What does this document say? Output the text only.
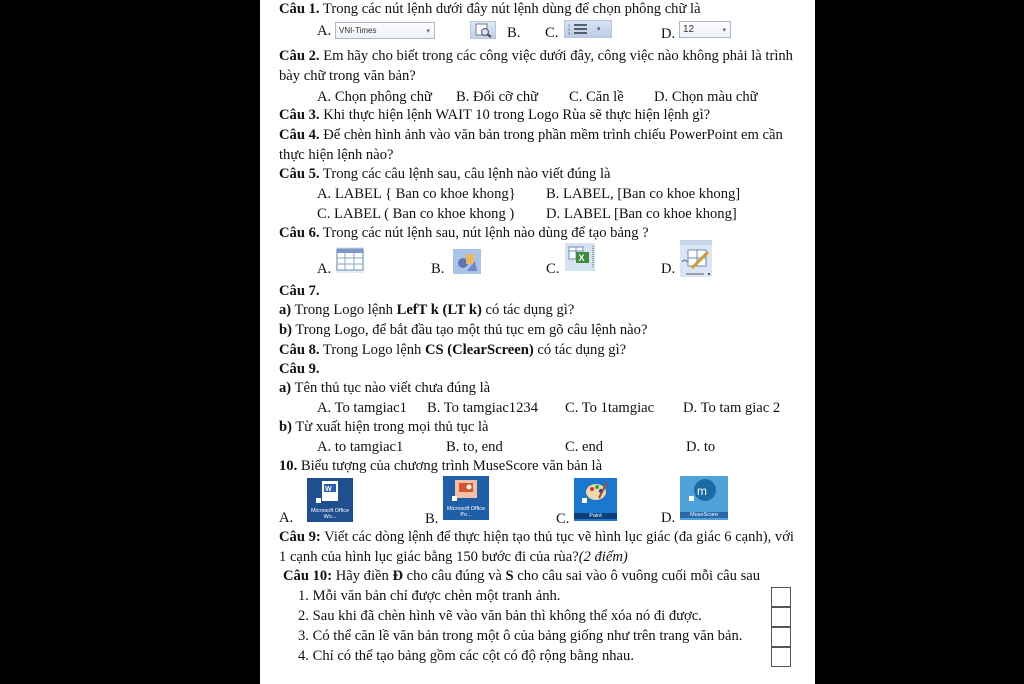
Câu 1. Trong các nút lệnh dưới đây nút lệnh dùng để chọn phông chữ là
A. VNI-Times	▾	B. C. 1
2
3
▾	D. 12	▾
Câu 2. Em hãy cho biết trong các công việc dưới đây, công việc nào không phải là trình
bày chữ trong văn bản?
A. Chọn phông chữ B. Đổi cỡ chữ C. Căn lề D. Chọn màu chữ
Câu 3. Khi thực hiện lệnh WAIT 10 trong Logo Rùa sẽ thực hiện lệnh gì?
Câu 4. Để chèn hình ảnh vào văn bản trong phần mềm trình chiếu PowerPoint em cần
thực hiện lệnh nào?
Câu 5. Trong các câu lệnh sau, câu lệnh nào viết đúng là
A. LABEL { Ban co khoe khong} B. LABEL, [Ban co khoe khong]
C. LABEL ( Ban co khoe khong ) D. LABEL [Ban co khoe khong]
Câu 6. Trong các nút lệnh sau, nút lệnh nào dùng để tạo bảng ?
A.	B.	C.
X
D.
Câu 7.
a) Trong Logo lệnh LefT k (LT k) có tác dụng gì?
b) Trong Logo, để bắt đầu tạo một thủ tục em gõ câu lệnh nào?
Câu 8. Trong Logo lệnh CS (ClearScreen) có tác dụng gì?
Câu 9.
a) Tên thủ tục nào viết chưa đúng là
A. To tamgiac1 B. To tamgiac1234 C. To 1tamgiac D. To tam giac 2
b) Từ xuất hiện trong mọi thủ tục là
A. to tamgiac1	B. to, end	C. end	D. to
10. Biểu tượng của chương trình MuseScore văn bản là
A.
W
Microsoft Office Wo...	B.
Microsoft Office Po...	C.	Paint	D.
m
MuseScore
Câu 9: Viết các dòng lệnh để thực hiện tạo thủ tục vẽ hình lục giác (đa giác 6 cạnh), với
1 cạnh của hình lục giác bằng 150 bước đi của rùa?(2 điểm)
Câu 10: Hãy điền Đ cho câu đúng và S cho câu sai vào ô vuông cuối mỗi câu sau
1. Mỗi văn bản chỉ được chèn một tranh ảnh.
2. Sau khi đã chèn hình vẽ vào văn bản thì không thể xóa nó đi được.
3. Có thể căn lề văn bản trong một ô của bảng giống như trên trang văn bản.
4. Chỉ có thể tạo bảng gồm các cột có độ rộng bằng nhau.
